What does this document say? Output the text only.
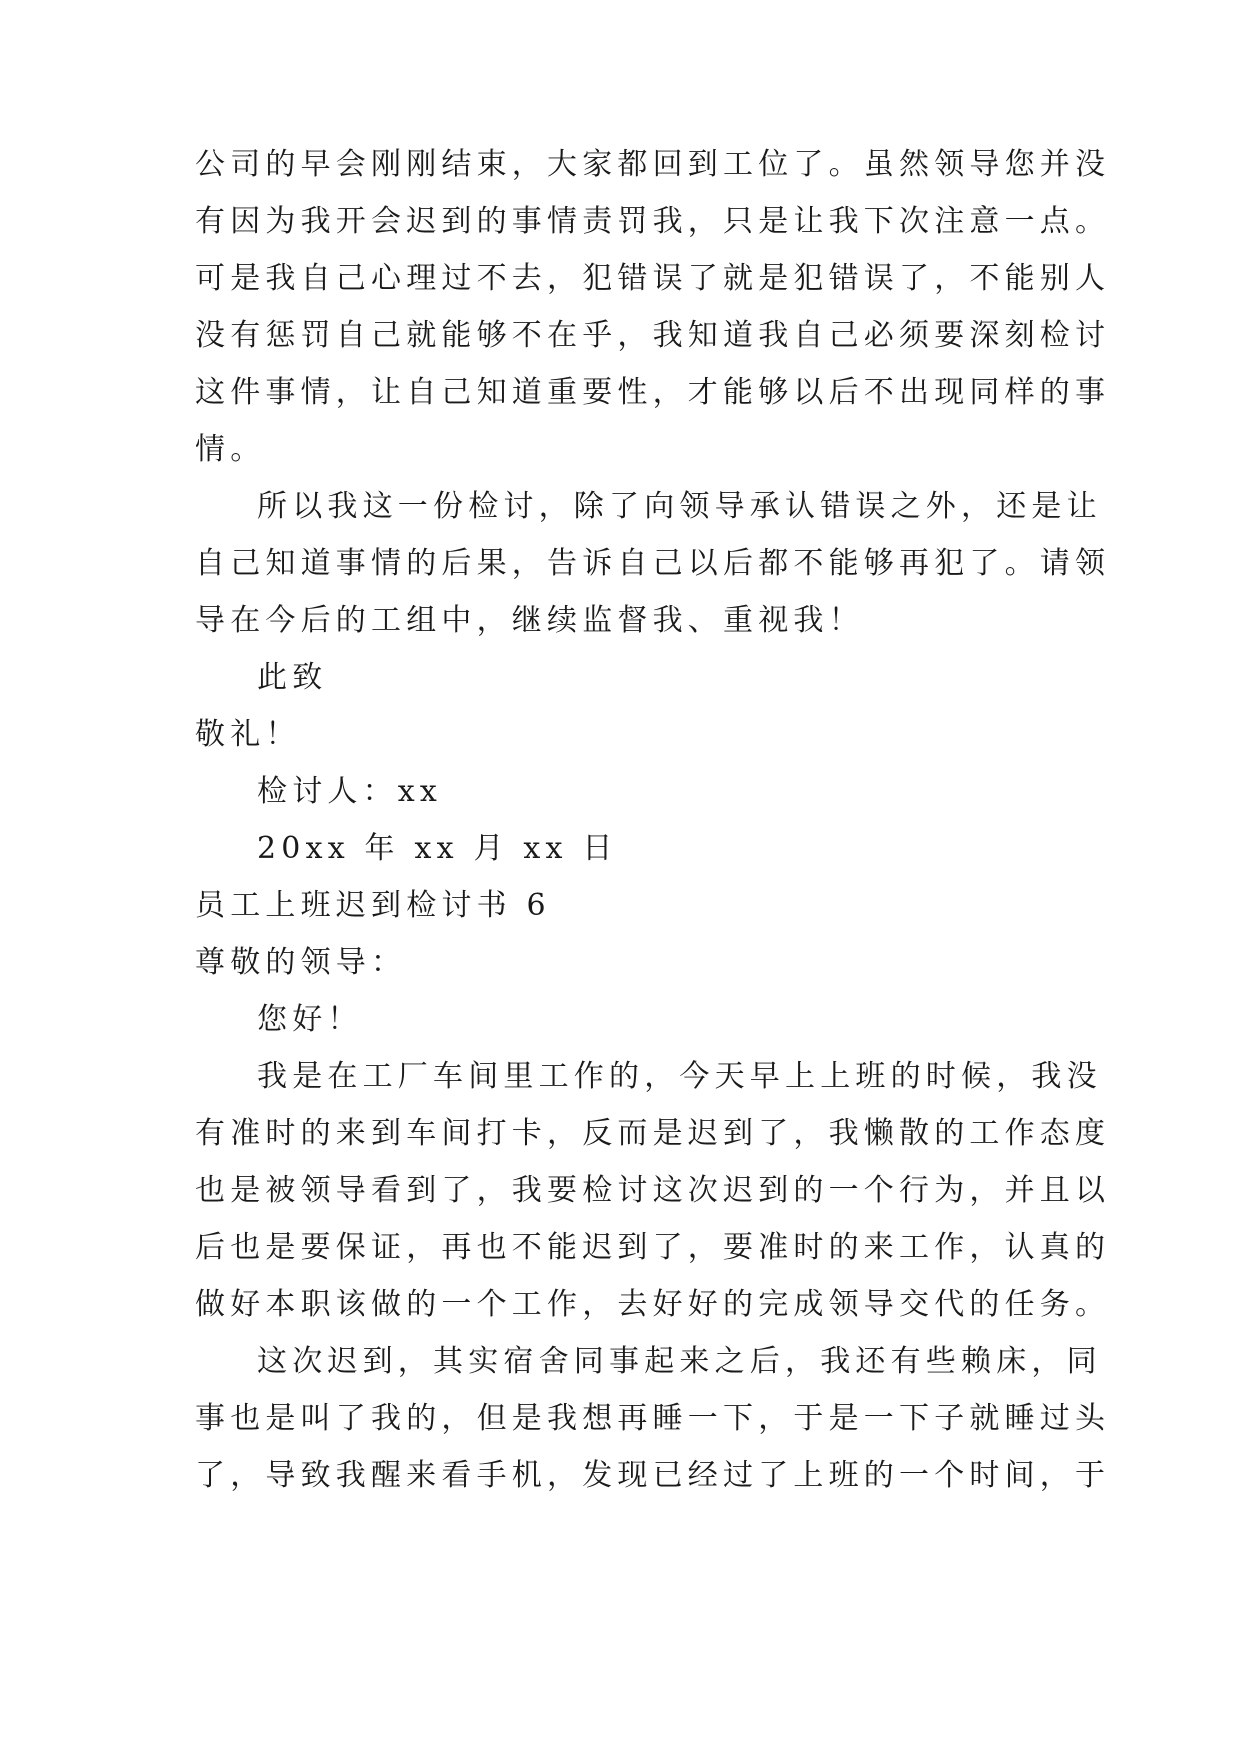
公司的早会刚刚结束，大家都回到工位了。虽然领导您并没
有因为我开会迟到的事情责罚我，只是让我下次注意一点。
可是我自己心理过不去，犯错误了就是犯错误了，不能别人
没有惩罚自己就能够不在乎，我知道我自己必须要深刻检讨
这件事情，让自己知道重要性，才能够以后不出现同样的事
情。
所以我这一份检讨，除了向领导承认错误之外，还是让
自己知道事情的后果，告诉自己以后都不能够再犯了。请领
导在今后的工组中，继续监督我、重视我！
此致
敬礼！
检讨人：xx
20xx 年 xx 月 xx 日
员工上班迟到检讨书 6
尊敬的领导：
您好！
我是在工厂车间里工作的，今天早上上班的时候，我没
有准时的来到车间打卡，反而是迟到了，我懒散的工作态度
也是被领导看到了，我要检讨这次迟到的一个行为，并且以
后也是要保证，再也不能迟到了，要准时的来工作，认真的
做好本职该做的一个工作，去好好的完成领导交代的任务。
这次迟到，其实宿舍同事起来之后，我还有些赖床，同
事也是叫了我的，但是我想再睡一下，于是一下子就睡过头
了，导致我醒来看手机，发现已经过了上班的一个时间，于
